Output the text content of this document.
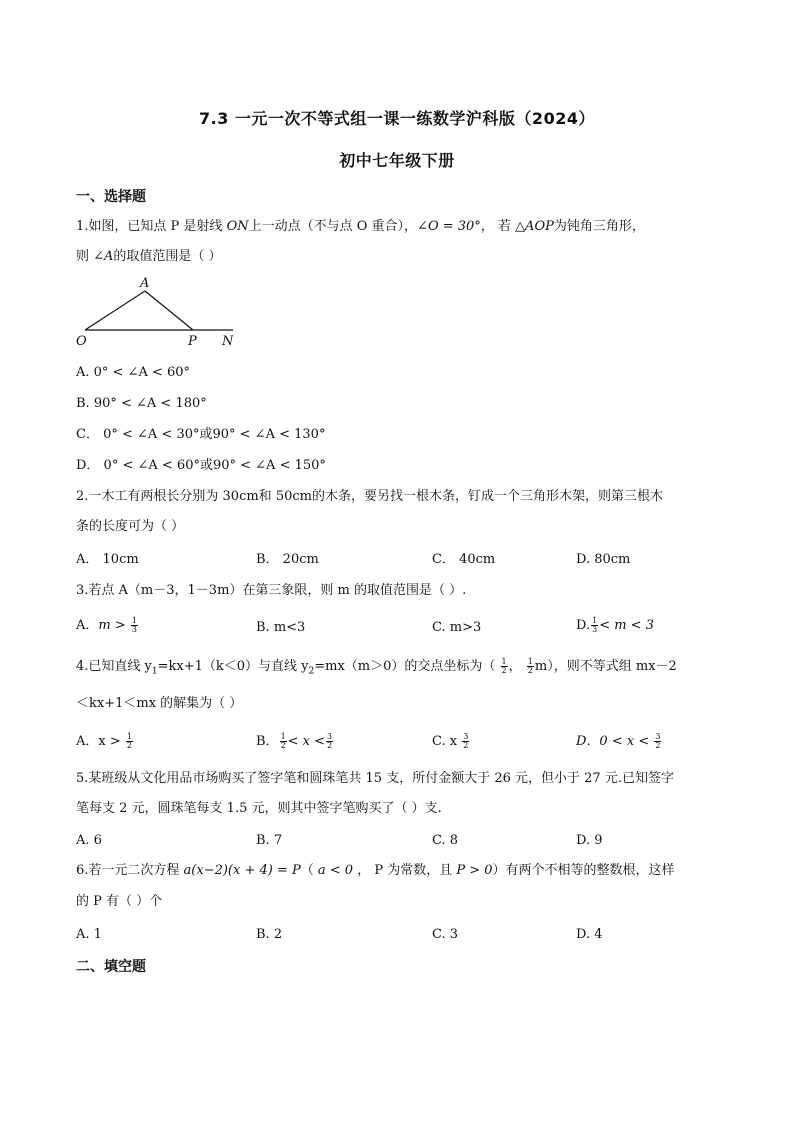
7.3 一元一次不等式组一课一练数学沪科版（2024）
初中七年级下册
一、选择题
1.如图，已知点 P 是射线 ON上一动点（不与点 O 重合），∠O = 30°， 若 △AOP为钝角三角形，
则 ∠A的取值范围是（ ）
A
O	P N
A. 0° < ∠A < 60°
B. 90° < ∠A < 180°
C． 0° < ∠A < 30°或90° < ∠A < 130°
D． 0° < ∠A < 60°或90° < ∠A < 150°
2.一木工有两根长分别为 30cm和 50cm的木条，要另找一根木条，钉成一个三角形木架，则第三根木
条的长度可为（ ）
A． 10cm	B． 20cm	C． 40cm	D. 80cm
3.若点 A（m－3，1－3m）在第三象限，则 m 的取值范围是（ ）.
A．$m > \frac{1}{3}$	B. m<3	C. m>3	D. $\frac{1}{3} < m < 3$
4.已知直线 $y_1=kx+1(k<0)$与直线 $y_2=mx(m>0)$的交点坐标为（ $\frac{1}{2}$ ， $\frac{1}{2} m$），则不等式组 mx－2
＜kx+1＜mx 的解集为（ ）
A．$x > \frac{1}{2}$	B． $\frac{1}{2} < x < \frac{3}{2}$	C. x $\frac{3}{2}$	D．$0 < x < \frac{3}{2}$
5.某班级从文化用品市场购买了签字笔和圆珠笔共 15 支，所付金额大于 26 元，但小于 27 元.已知签字
笔每支 2 元，圆珠笔每支 1.5 元，则其中签字笔购买了（ ）支.
A. 6	B. 7	C. 8	D. 9
6.若一元二次方程 a(x−2)(x + 4) = P（ a < 0 ， P 为常数，且 P > 0）有两个不相等的整数根，这样
的 P 有（ ）个
A. 1	B. 2	C. 3	D. 4
二、填空题
